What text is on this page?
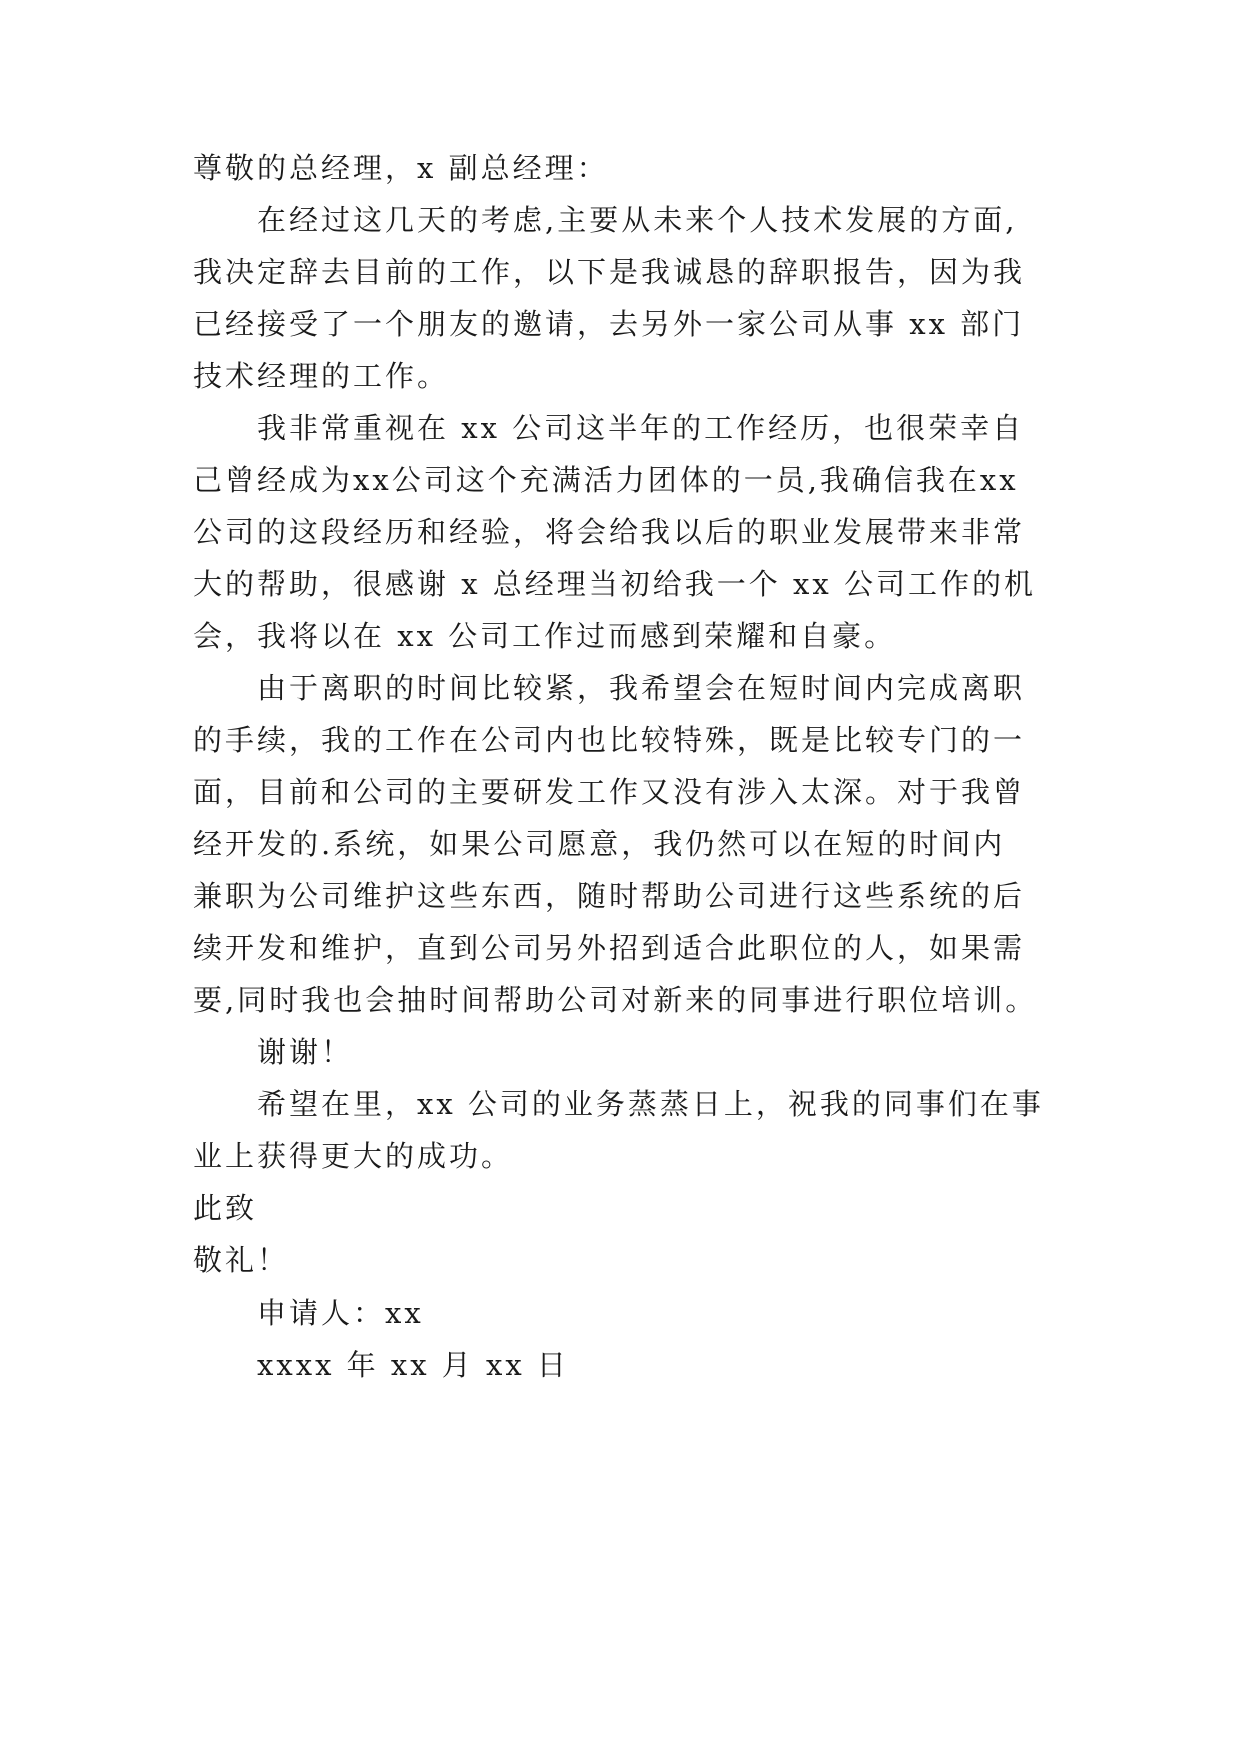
尊敬的总经理，x 副总经理：

在经过这几天的考虑,主要从未来个人技术发展的方面,

我决定辞去目前的工作，以下是我诚恳的辞职报告，因为我

已经接受了一个朋友的邀请，去另外一家公司从事 xx 部门

技术经理的工作。

我非常重视在 xx 公司这半年的工作经历，也很荣幸自

己曾经成为xx公司这个充满活力团体的一员,我确信我在xx

公司的这段经历和经验，将会给我以后的职业发展带来非常

大的帮助，很感谢 x 总经理当初给我一个 xx 公司工作的机

会，我将以在 xx 公司工作过而感到荣耀和自豪。

由于离职的时间比较紧，我希望会在短时间内完成离职

的手续，我的工作在公司内也比较特殊，既是比较专门的一

面，目前和公司的主要研发工作又没有涉入太深。对于我曾

经开发的.系统，如果公司愿意，我仍然可以在短的时间内

兼职为公司维护这些东西，随时帮助公司进行这些系统的后

续开发和维护，直到公司另外招到适合此职位的人，如果需

要,同时我也会抽时间帮助公司对新来的同事进行职位培训。

谢谢！

希望在里，xx 公司的业务蒸蒸日上，祝我的同事们在事

业上获得更大的成功。

此致

敬礼！

申请人：xx

xxxx 年 xx 月 xx 日
